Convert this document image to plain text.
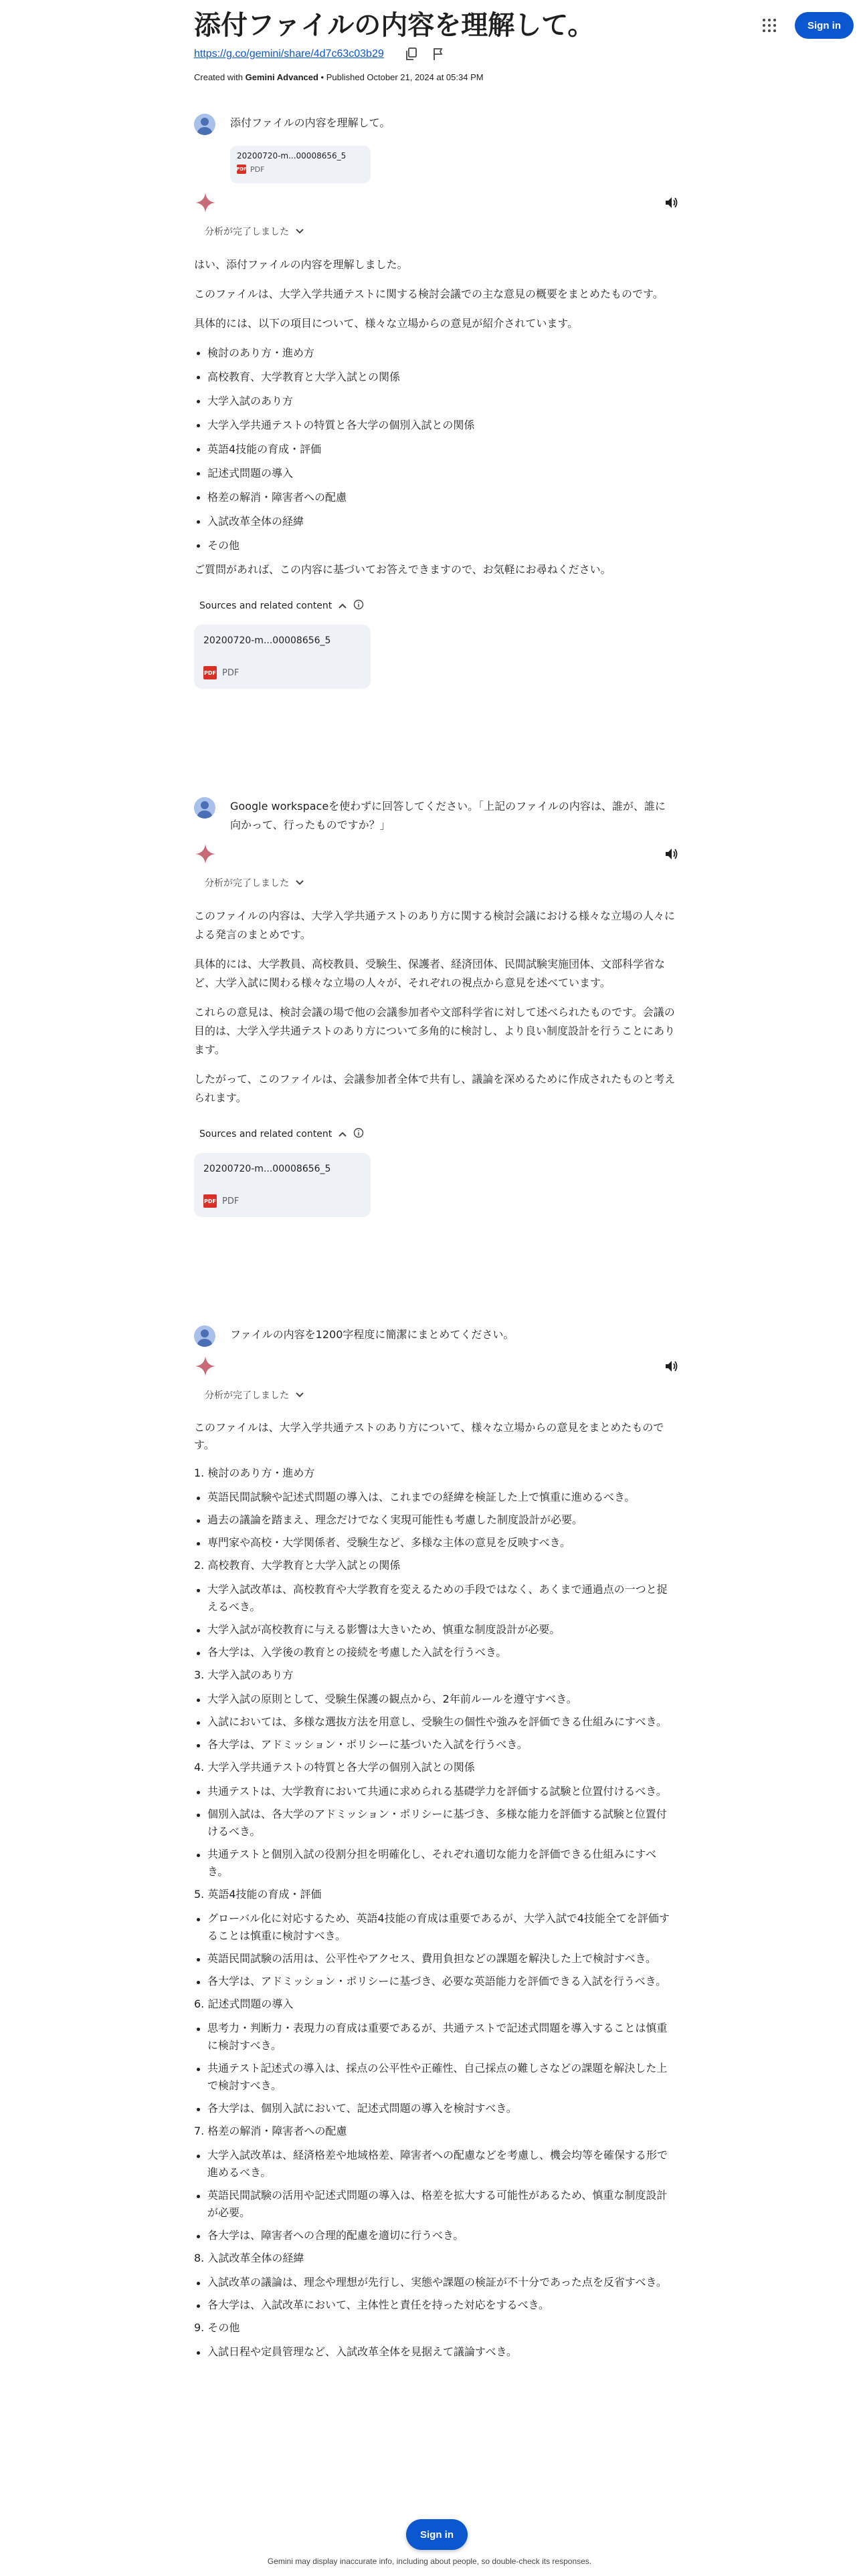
添付ファイルの内容を理解して。	Sign in
https://g.co/gemini/share/4d7c63c03b29
Created with Gemini Advanced • Published October 21, 2024 at 05:34 PM
添付ファイルの内容を理解して。
20200720-m...00008656_5
PDF PDF
分析が完了しました

はい、添付ファイルの内容を理解しました。

このファイルは、大学入学共通テストに関する検討会議での主な意見の概要をまとめたものです。

具体的には、以下の項目について、様々な立場からの意見が紹介されています。

検討のあり方・進め方
高校教育、大学教育と大学入試との関係
大学入試のあり方
大学入学共通テストの特質と各大学の個別入試との関係
英語4技能の育成・評価
記述式問題の導入
格差の解消・障害者への配慮
入試改革全体の経緯
その他

ご質問があれば、この内容に基づいてお答えできますので、お気軽にお尋ねください。

Sources and related content
20200720-m...00008656_5
PDF PDF
Google workspaceを使わずに回答してください。「上記のファイルの内容は、誰が、誰に向かって、行ったものですか？」
分析が完了しました

このファイルの内容は、大学入学共通テストのあり方に関する検討会議における様々な立場の人々による発言のまとめです。

具体的には、大学教員、高校教員、受験生、保護者、経済団体、民間試験実施団体、文部科学省など、大学入試に関わる様々な立場の人々が、それぞれの視点から意見を述べています。

これらの意見は、検討会議の場で他の会議参加者や文部科学省に対して述べられたものです。会議の目的は、大学入学共通テストのあり方について多角的に検討し、より良い制度設計を行うことにあります。

したがって、このファイルは、会議参加者全体で共有し、議論を深めるために作成されたものと考えられます。

Sources and related content
20200720-m...00008656_5
PDF PDF
ファイルの内容を1200字程度に簡潔にまとめてください。
分析が完了しました

このファイルは、大学入学共通テストのあり方について、様々な立場からの意見をまとめたものです。

1. 検討のあり方・進め方

英語民間試験や記述式問題の導入は、これまでの経緯を検証した上で慎重に進めるべき。
過去の議論を踏まえ、理念だけでなく実現可能性も考慮した制度設計が必要。
専門家や高校・大学関係者、受験生など、多様な主体の意見を反映すべき。

2. 高校教育、大学教育と大学入試との関係

大学入試改革は、高校教育や大学教育を変えるための手段ではなく、あくまで通過点の一つと捉えるべき。
大学入試が高校教育に与える影響は大きいため、慎重な制度設計が必要。
各大学は、入学後の教育との接続を考慮した入試を行うべき。

3. 大学入試のあり方

大学入試の原則として、受験生保護の観点から、2年前ルールを遵守すべき。
入試においては、多様な選抜方法を用意し、受験生の個性や強みを評価できる仕組みにすべき。
各大学は、アドミッション・ポリシーに基づいた入試を行うべき。

4. 大学入学共通テストの特質と各大学の個別入試との関係

共通テストは、大学教育において共通に求められる基礎学力を評価する試験と位置付けるべき。
個別入試は、各大学のアドミッション・ポリシーに基づき、多様な能力を評価する試験と位置付けるべき。
共通テストと個別入試の役割分担を明確化し、それぞれ適切な能力を評価できる仕組みにすべき。

5. 英語4技能の育成・評価

グローバル化に対応するため、英語4技能の育成は重要であるが、大学入試で4技能全てを評価することは慎重に検討すべき。
英語民間試験の活用は、公平性やアクセス、費用負担などの課題を解決した上で検討すべき。
各大学は、アドミッション・ポリシーに基づき、必要な英語能力を評価できる入試を行うべき。

6. 記述式問題の導入

思考力・判断力・表現力の育成は重要であるが、共通テストで記述式問題を導入することは慎重に検討すべき。
共通テスト記述式の導入は、採点の公平性や正確性、自己採点の難しさなどの課題を解決した上で検討すべき。
各大学は、個別入試において、記述式問題の導入を検討すべき。

7. 格差の解消・障害者への配慮

大学入試改革は、経済格差や地域格差、障害者への配慮などを考慮し、機会均等を確保する形で進めるべき。
英語民間試験の活用や記述式問題の導入は、格差を拡大する可能性があるため、慎重な制度設計が必要。
各大学は、障害者への合理的配慮を適切に行うべき。

8. 入試改革全体の経緯

入試改革の議論は、理念や理想が先行し、実態や課題の検証が不十分であった点を反省すべき。
各大学は、入試改革において、主体性と責任を持った対応をするべき。

9. その他

入試日程や定員管理など、入試改革全体を見据えて議論すべき。
Sign in
Gemini may display inaccurate info, including about people, so double-check its responses.
